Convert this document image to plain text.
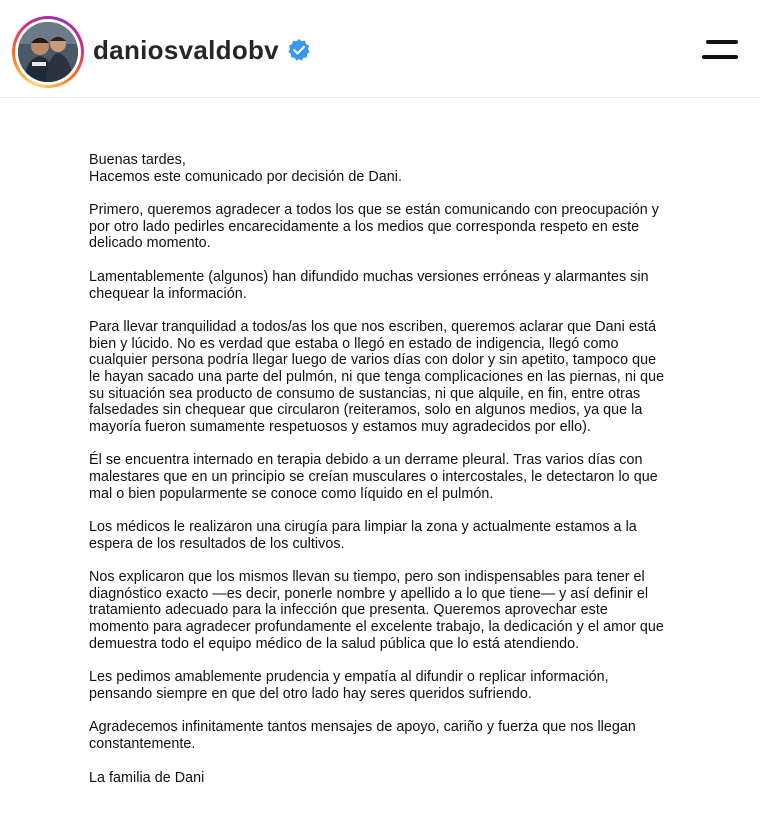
daniosvaldobv

Buenas tardes,
Hacemos este comunicado por decisión de Dani.

Primero, queremos agradecer a todos los que se están comunicando con preocupación y
por otro lado pedirles encarecidamente a los medios que corresponda respeto en este
delicado momento.

Lamentablemente (algunos) han difundido muchas versiones erróneas y alarmantes sin
chequear la información.

Para llevar tranquilidad a todos/as los que nos escriben, queremos aclarar que Dani está
bien y lúcido. No es verdad que estaba o llegó en estado de indigencia, llegó como
cualquier persona podría llegar luego de varios días con dolor y sin apetito, tampoco que
le hayan sacado una parte del pulmón, ni que tenga complicaciones en las piernas, ni que
su situación sea producto de consumo de sustancias, ni que alquile, en fin, entre otras
falsedades sin chequear que circularon (reiteramos, solo en algunos medios, ya que la
mayoría fueron sumamente respetuosos y estamos muy agradecidos por ello).

Él se encuentra internado en terapia debido a un derrame pleural. Tras varios días con
malestares que en un principio se creían musculares o intercostales, le detectaron lo que
mal o bien popularmente se conoce como líquido en el pulmón.

Los médicos le realizaron una cirugía para limpiar la zona y actualmente estamos a la
espera de los resultados de los cultivos.

Nos explicaron que los mismos llevan su tiempo, pero son indispensables para tener el
diagnóstico exacto —es decir, ponerle nombre y apellido a lo que tiene— y así definir el
tratamiento adecuado para la infección que presenta. Queremos aprovechar este
momento para agradecer profundamente el excelente trabajo, la dedicación y el amor que
demuestra todo el equipo médico de la salud pública que lo está atendiendo.

Les pedimos amablemente prudencia y empatía al difundir o replicar información,
pensando siempre en que del otro lado hay seres queridos sufriendo.

Agradecemos infinitamente tantos mensajes de apoyo, cariño y fuerza que nos llegan
constantemente.

La familia de Dani
